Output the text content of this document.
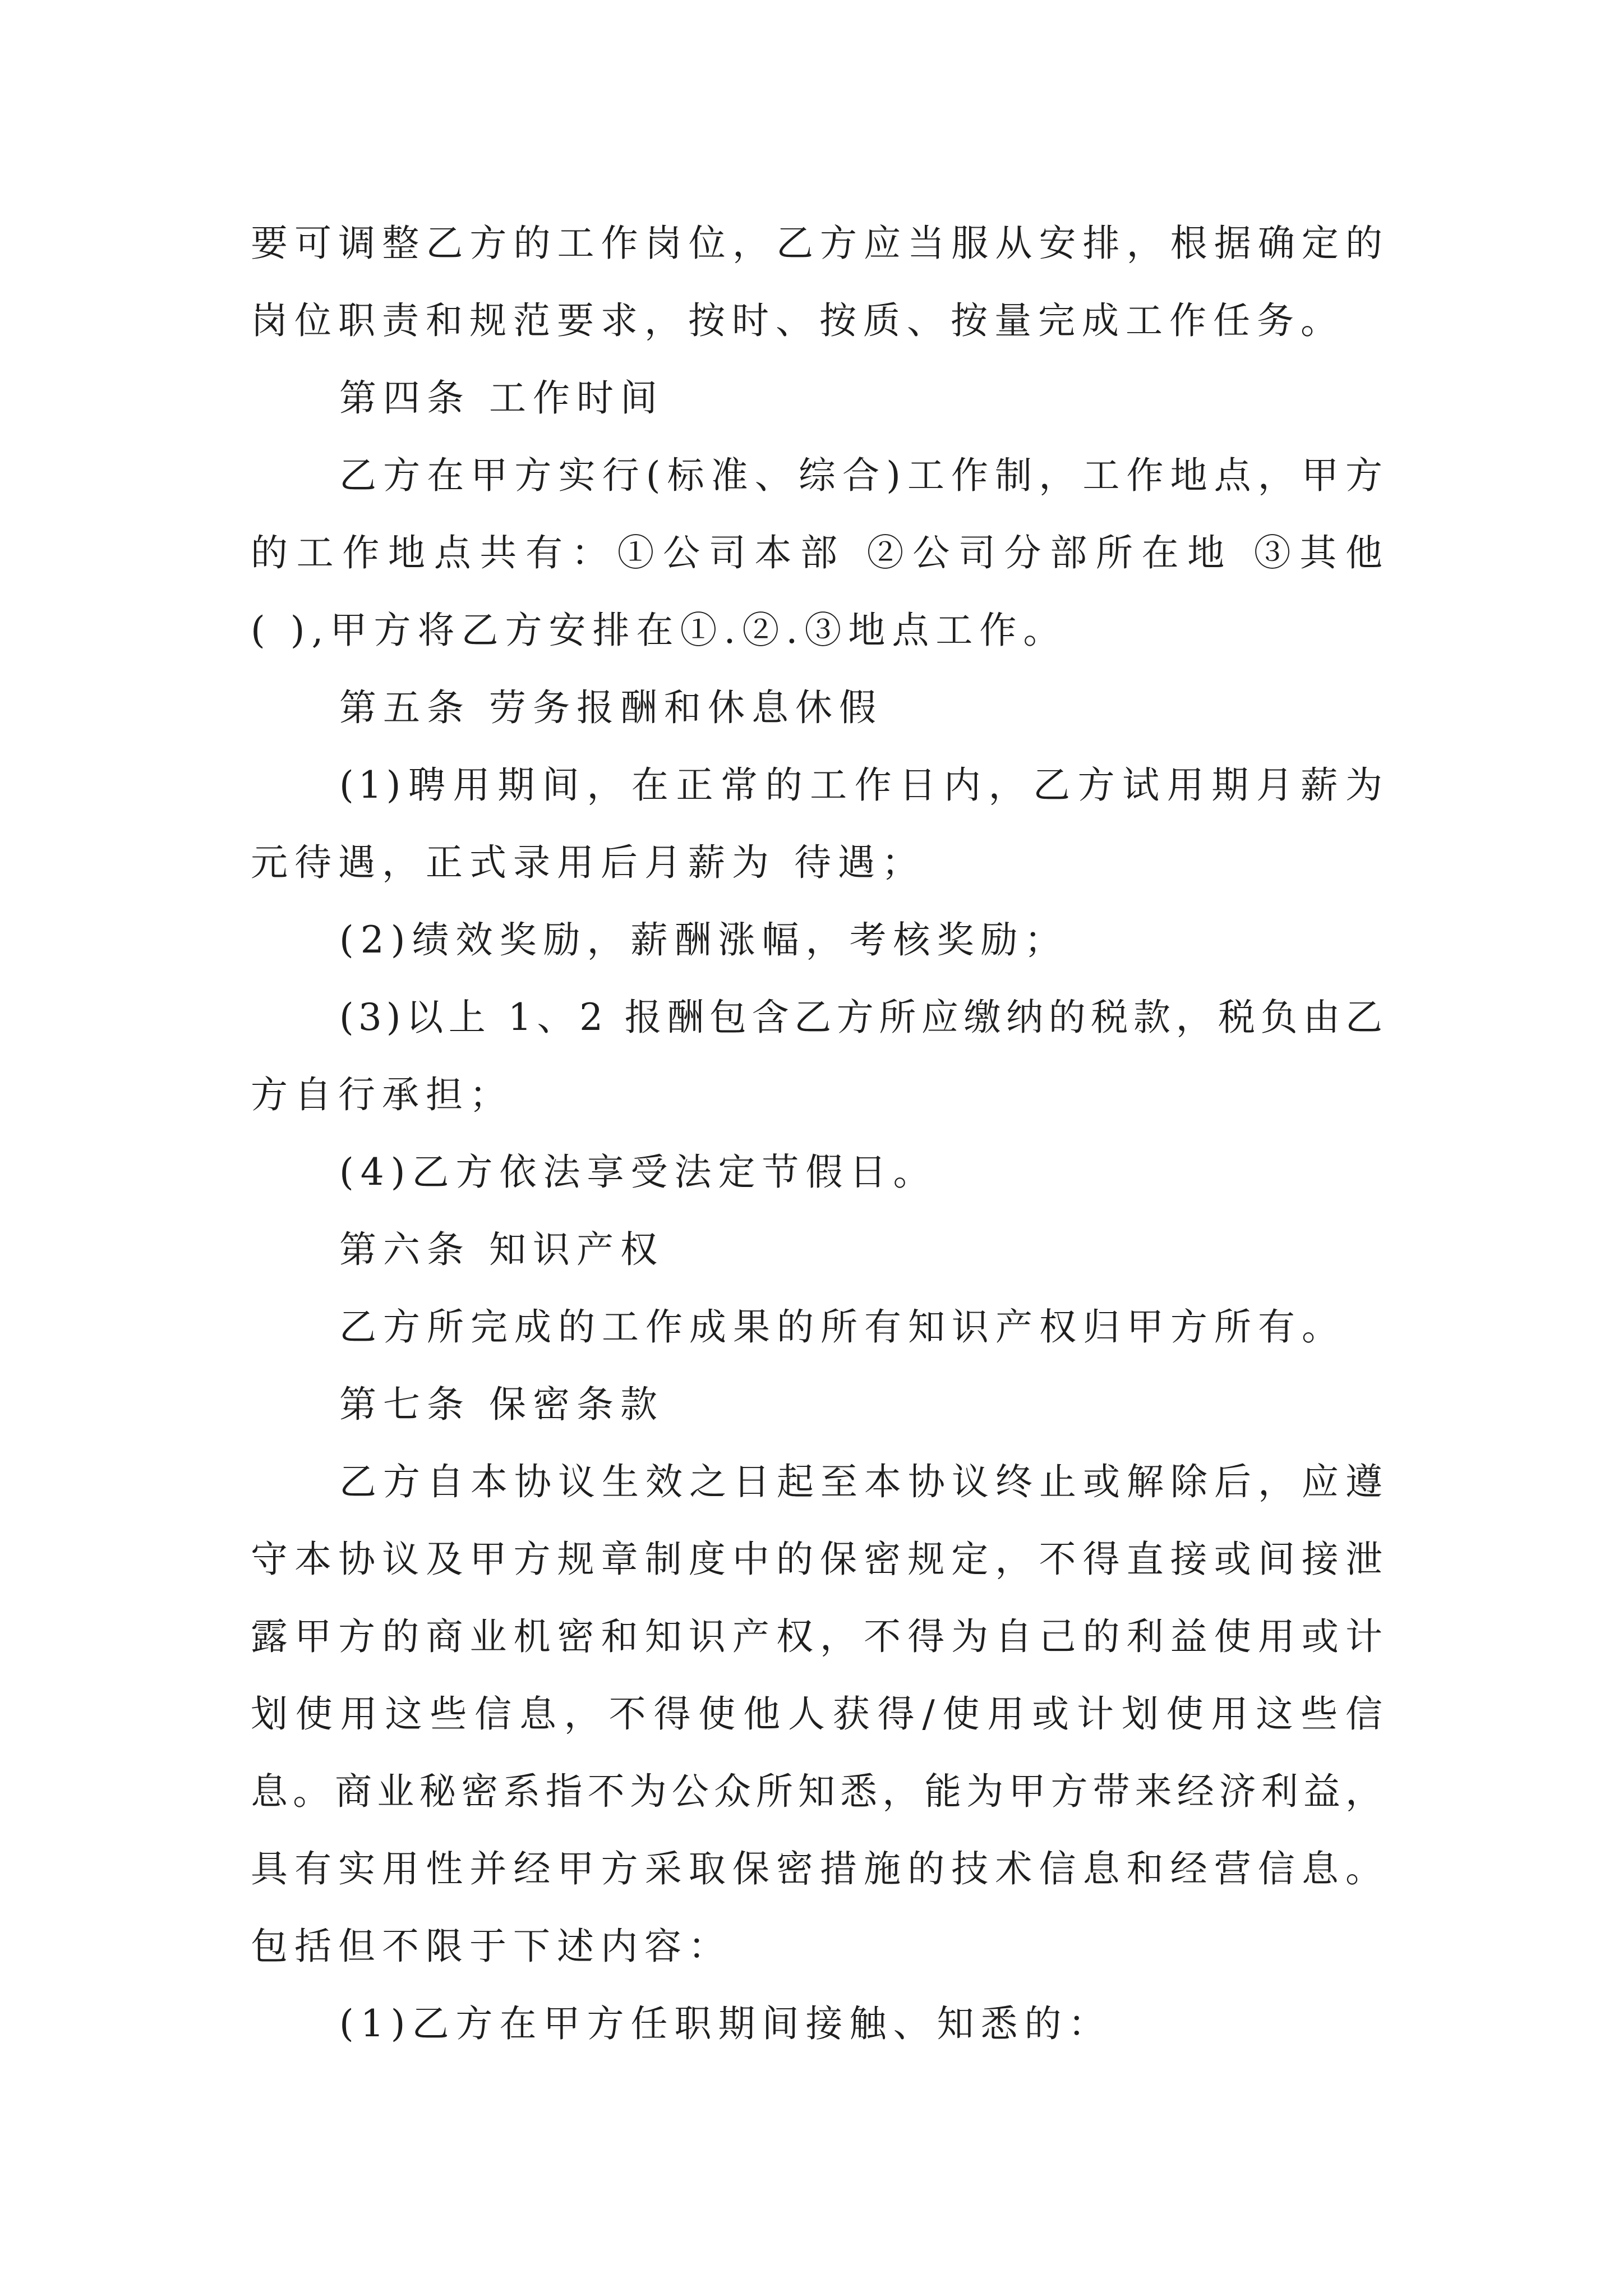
要可调整乙方的工作岗位，乙方应当服从安排，根据确定的
岗位职责和规范要求，按时、按质、按量完成工作任务。
第四条 工作时间
乙方在甲方实行(标准、综合)工作制，工作地点，甲方
的工作地点共有：①公司本部 ②公司分部所在地 ③其他
( ),甲方将乙方安排在①.②.③地点工作。
第五条 劳务报酬和休息休假
(1)聘用期间，在正常的工作日内，乙方试用期月薪为
元待遇，正式录用后月薪为 待遇；
(2)绩效奖励，薪酬涨幅，考核奖励；
(3)以上 1、2 报酬包含乙方所应缴纳的税款，税负由乙
方自行承担；
(4)乙方依法享受法定节假日。
第六条 知识产权
乙方所完成的工作成果的所有知识产权归甲方所有。
第七条 保密条款
乙方自本协议生效之日起至本协议终止或解除后，应遵
守本协议及甲方规章制度中的保密规定，不得直接或间接泄
露甲方的商业机密和知识产权，不得为自己的利益使用或计
划使用这些信息，不得使他人获得/使用或计划使用这些信
息。商业秘密系指不为公众所知悉，能为甲方带来经济利益，
具有实用性并经甲方采取保密措施的技术信息和经营信息。
包括但不限于下述内容：
(1)乙方在甲方任职期间接触、知悉的：
